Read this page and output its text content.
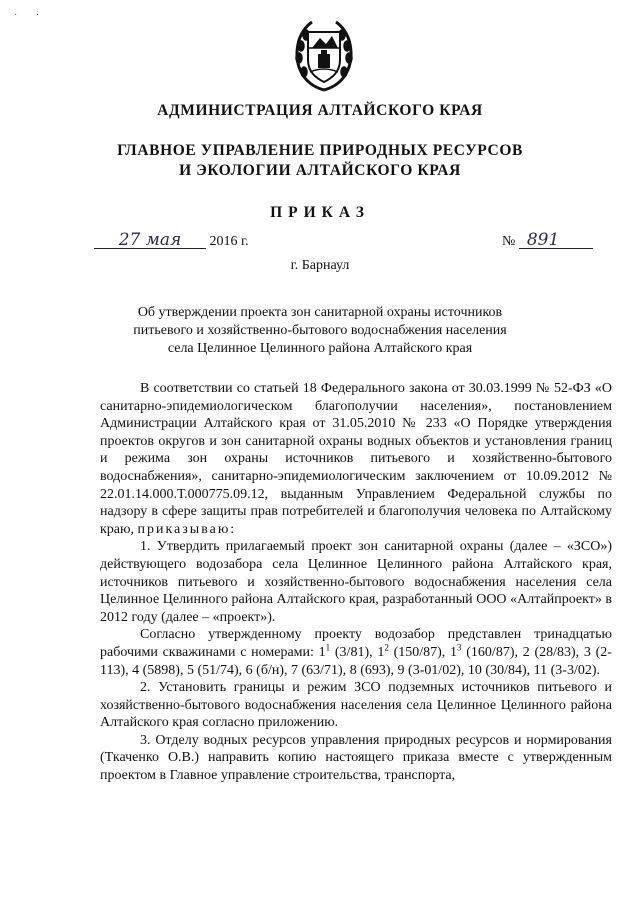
· ·
АДМИНИСТРАЦИЯ АЛТАЙСКОГО КРАЯ
ГЛАВНОЕ УПРАВЛЕНИЕ ПРИРОДНЫХ РЕСУРСОВ
И ЭКОЛОГИИ АЛТАЙСКОГО КРАЯ
ПРИКАЗ
27 мая 2016 г.	№ 891
г. Барнаул
Об утверждении проекта зон санитарной охраны источников
питьевого и хозяйственно-бытового водоснабжения населения
села Целинное Целинного района Алтайского края

В соответствии со статьей 18 Федерального закона от 30.03.1999 № 52-ФЗ «О санитарно-эпидемиологическом благополучии населения», постановлением Администрации Алтайского края от 31.05.2010 № 233 «О Порядке утверждения проектов округов и зон санитарной охраны водных объектов и установления границ и режима зон охраны источников питьевого и хозяйственно-бытового водоснабжения», санитарно-эпидемиологическим заключением от 10.09.2012 № 22.01.14.000.Т.000775.09.12, выданным Управлением Федеральной службы по надзору в сфере защиты прав потребителей и благополучия человека по Алтайскому краю, приказываю:

1. Утвердить прилагаемый проект зон санитарной охраны (далее – «ЗСО») действующего водозабора села Целинное Целинного района Алтайского края, источников питьевого и хозяйственно-бытового водоснабжения населения села Целинное Целинного района Алтайского края, разработанный ООО «Алтайпроект» в 2012 году (далее – «проект»).

Согласно утвержденному проекту водозабор представлен тринадцатью рабочими скважинами с номерами: $1^1$ (3/81), $1^2$ (150/87), $1^3$ (160/87), 2 (28/83), 3 (2-113), 4 (5898), 5 (51/74), 6 (б/н), 7 (63/71), 8 (693), 9 (3-01/02), 10 (30/84), 11 (3-3/02).

2. Установить границы и режим ЗСО подземных источников питьевого и хозяйственно-бытового водоснабжения населения села Целинное Целинного района Алтайского края согласно приложению.

3. Отделу водных ресурсов управления природных ресурсов и нормирования (Ткаченко О.В.) направить копию настоящего приказа вместе с утвержденным проектом в Главное управление строительства, транспорта,
